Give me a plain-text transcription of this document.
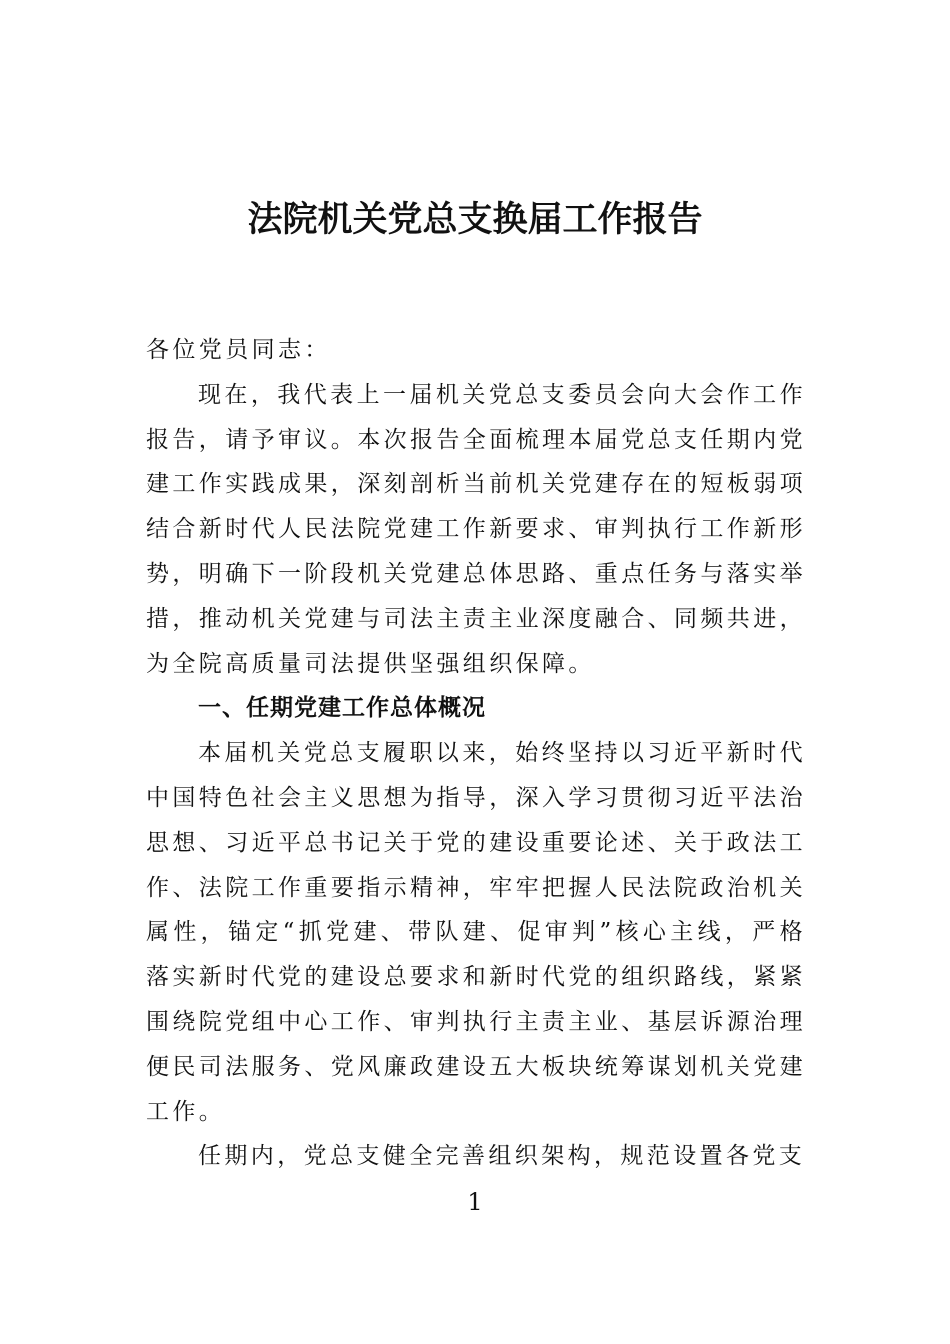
法院机关党总支换届工作报告

各位党员同志：

现在，我代表上一届机关党总支委员会向大会作工作报告，请予审议。本次报告全面梳理本届党总支任期内党建工作实践成果，深刻剖析当前机关党建存在的短板弱项结合新时代人民法院党建工作新要求、审判执行工作新形势，明确下一阶段机关党建总体思路、重点任务与落实举措，推动机关党建与司法主责主业深度融合、同频共进，为全院高质量司法提供坚强组织保障。

一、任期党建工作总体概况

本届机关党总支履职以来，始终坚持以习近平新时代中国特色社会主义思想为指导，深入学习贯彻习近平法治思想、习近平总书记关于党的建设重要论述、关于政法工作、法院工作重要指示精神，牢牢把握人民法院政治机关属性，锚定“抓党建、带队建、促审判”核心主线，严格落实新时代党的建设总要求和新时代党的组织路线，紧紧围绕院党组中心工作、审判执行主责主业、基层诉源治理便民司法服务、党风廉政建设五大板块统筹谋划机关党建工作。

任期内，党总支健全完善组织架构，规范设置各党支

1
